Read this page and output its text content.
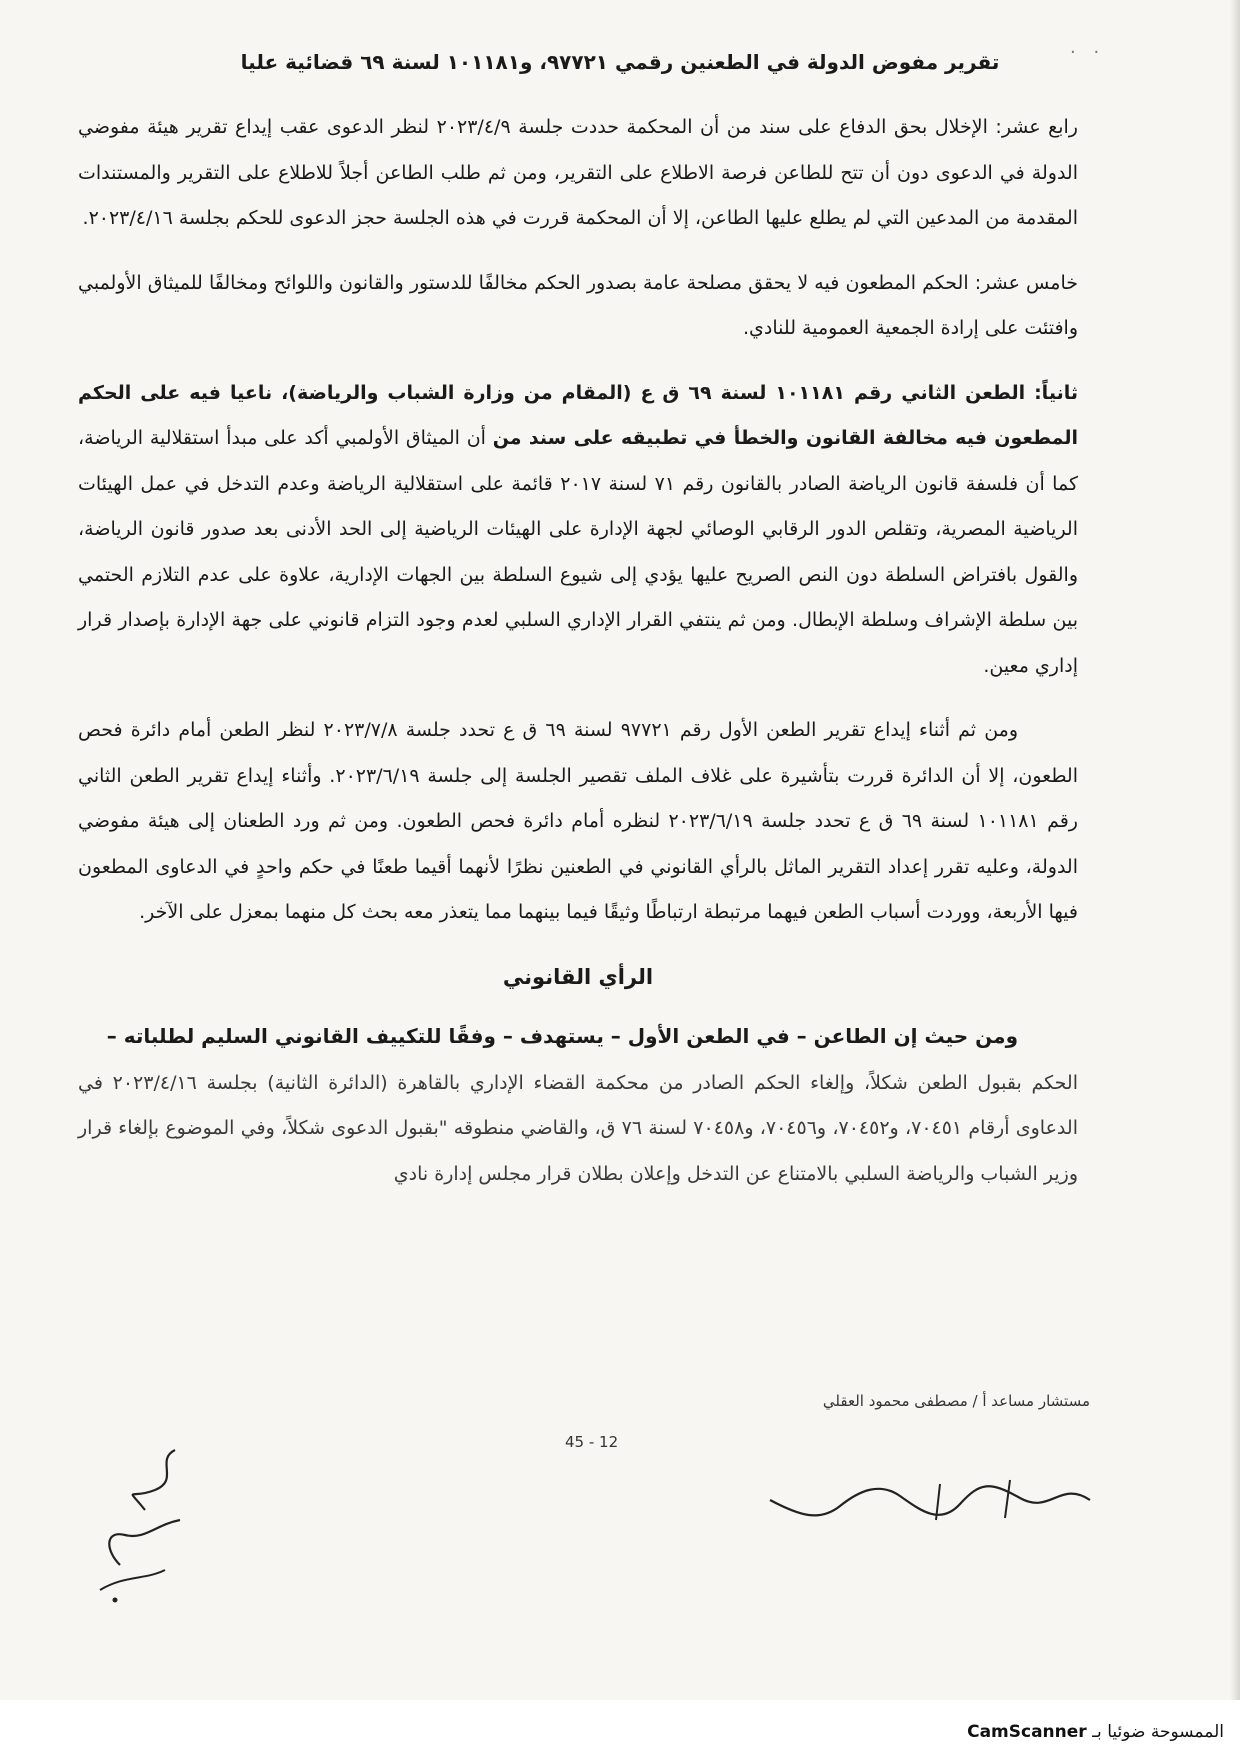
· ·
تقرير مفوض الدولة في الطعنين رقمي ٩٧٧٢١، و١٠١١٨١ لسنة ٦٩ قضائية عليا

رابع عشر: الإخلال بحق الدفاع على سند من أن المحكمة حددت جلسة ٢٠٢٣/٤/٩ لنظر الدعوى عقب إيداع تقرير هيئة مفوضي الدولة في الدعوى دون أن تتح للطاعن فرصة الاطلاع على التقرير، ومن ثم طلب الطاعن أجلاً للاطلاع على التقرير والمستندات المقدمة من المدعين التي لم يطلع عليها الطاعن، إلا أن المحكمة قررت في هذه الجلسة حجز الدعوى للحكم بجلسة ٢٠٢٣/٤/١٦.

خامس عشر: الحكم المطعون فيه لا يحقق مصلحة عامة بصدور الحكم مخالفًا للدستور والقانون واللوائح ومخالفًا للميثاق الأولمبي وافتئت على إرادة الجمعية العمومية للنادي.

ثانياً: الطعن الثاني رقم ١٠١١٨١ لسنة ٦٩ ق ع (المقام من وزارة الشباب والرياضة)، ناعيا فيه على الحكم المطعون فيه مخالفة القانون والخطأ في تطبيقه على سند من أن الميثاق الأولمبي أكد على مبدأ استقلالية الرياضة، كما أن فلسفة قانون الرياضة الصادر بالقانون رقم ٧١ لسنة ٢٠١٧ قائمة على استقلالية الرياضة وعدم التدخل في عمل الهيئات الرياضية المصرية، وتقلص الدور الرقابي الوصائي لجهة الإدارة على الهيئات الرياضية إلى الحد الأدنى بعد صدور قانون الرياضة، والقول بافتراض السلطة دون النص الصريح عليها يؤدي إلى شيوع السلطة بين الجهات الإدارية، علاوة على عدم التلازم الحتمي بين سلطة الإشراف وسلطة الإبطال. ومن ثم ينتفي القرار الإداري السلبي لعدم وجود التزام قانوني على جهة الإدارة بإصدار قرار إداري معين.

ومن ثم أثناء إيداع تقرير الطعن الأول رقم ٩٧٧٢١ لسنة ٦٩ ق ع تحدد جلسة ٢٠٢٣/٧/٨ لنظر الطعن أمام دائرة فحص الطعون، إلا أن الدائرة قررت بتأشيرة على غلاف الملف تقصير الجلسة إلى جلسة ٢٠٢٣/٦/١٩. وأثناء إيداع تقرير الطعن الثاني رقم ١٠١١٨١ لسنة ٦٩ ق ع تحدد جلسة ٢٠٢٣/٦/١٩ لنظره أمام دائرة فحص الطعون. ومن ثم ورد الطعنان إلى هيئة مفوضي الدولة، وعليه تقرر إعداد التقرير الماثل بالرأي القانوني في الطعنين نظرًا لأنهما أقيما طعنًا في حكم واحدٍ في الدعاوى المطعون فيها الأربعة، ووردت أسباب الطعن فيهما مرتبطة ارتباطًا وثيقًا فيما بينهما مما يتعذر معه بحث كل منهما بمعزل على الآخر.

الرأي القانوني

ومن حيث إن الطاعن – في الطعن الأول – يستهدف – وفقًا للتكييف القانوني السليم لطلباته –
الحكم بقبول الطعن شكلاً، وإلغاء الحكم الصادر من محكمة القضاء الإداري بالقاهرة (الدائرة الثانية) بجلسة ٢٠٢٣/٤/١٦ في الدعاوى أرقام ٧٠٤٥١، و٧٠٤٥٢، و٧٠٤٥٦، و٧٠٤٥٨ لسنة ٧٦ ق، والقاضي منطوقه "بقبول الدعوى شكلاً، وفي الموضوع بإلغاء قرار وزير الشباب والرياضة السلبي بالامتناع عن التدخل وإعلان بطلان قرار مجلس إدارة نادي

مستشار مساعد أ / مصطفى محمود العقلي
45 - 12
الممسوحة ضوئيا بـ CamScanner
